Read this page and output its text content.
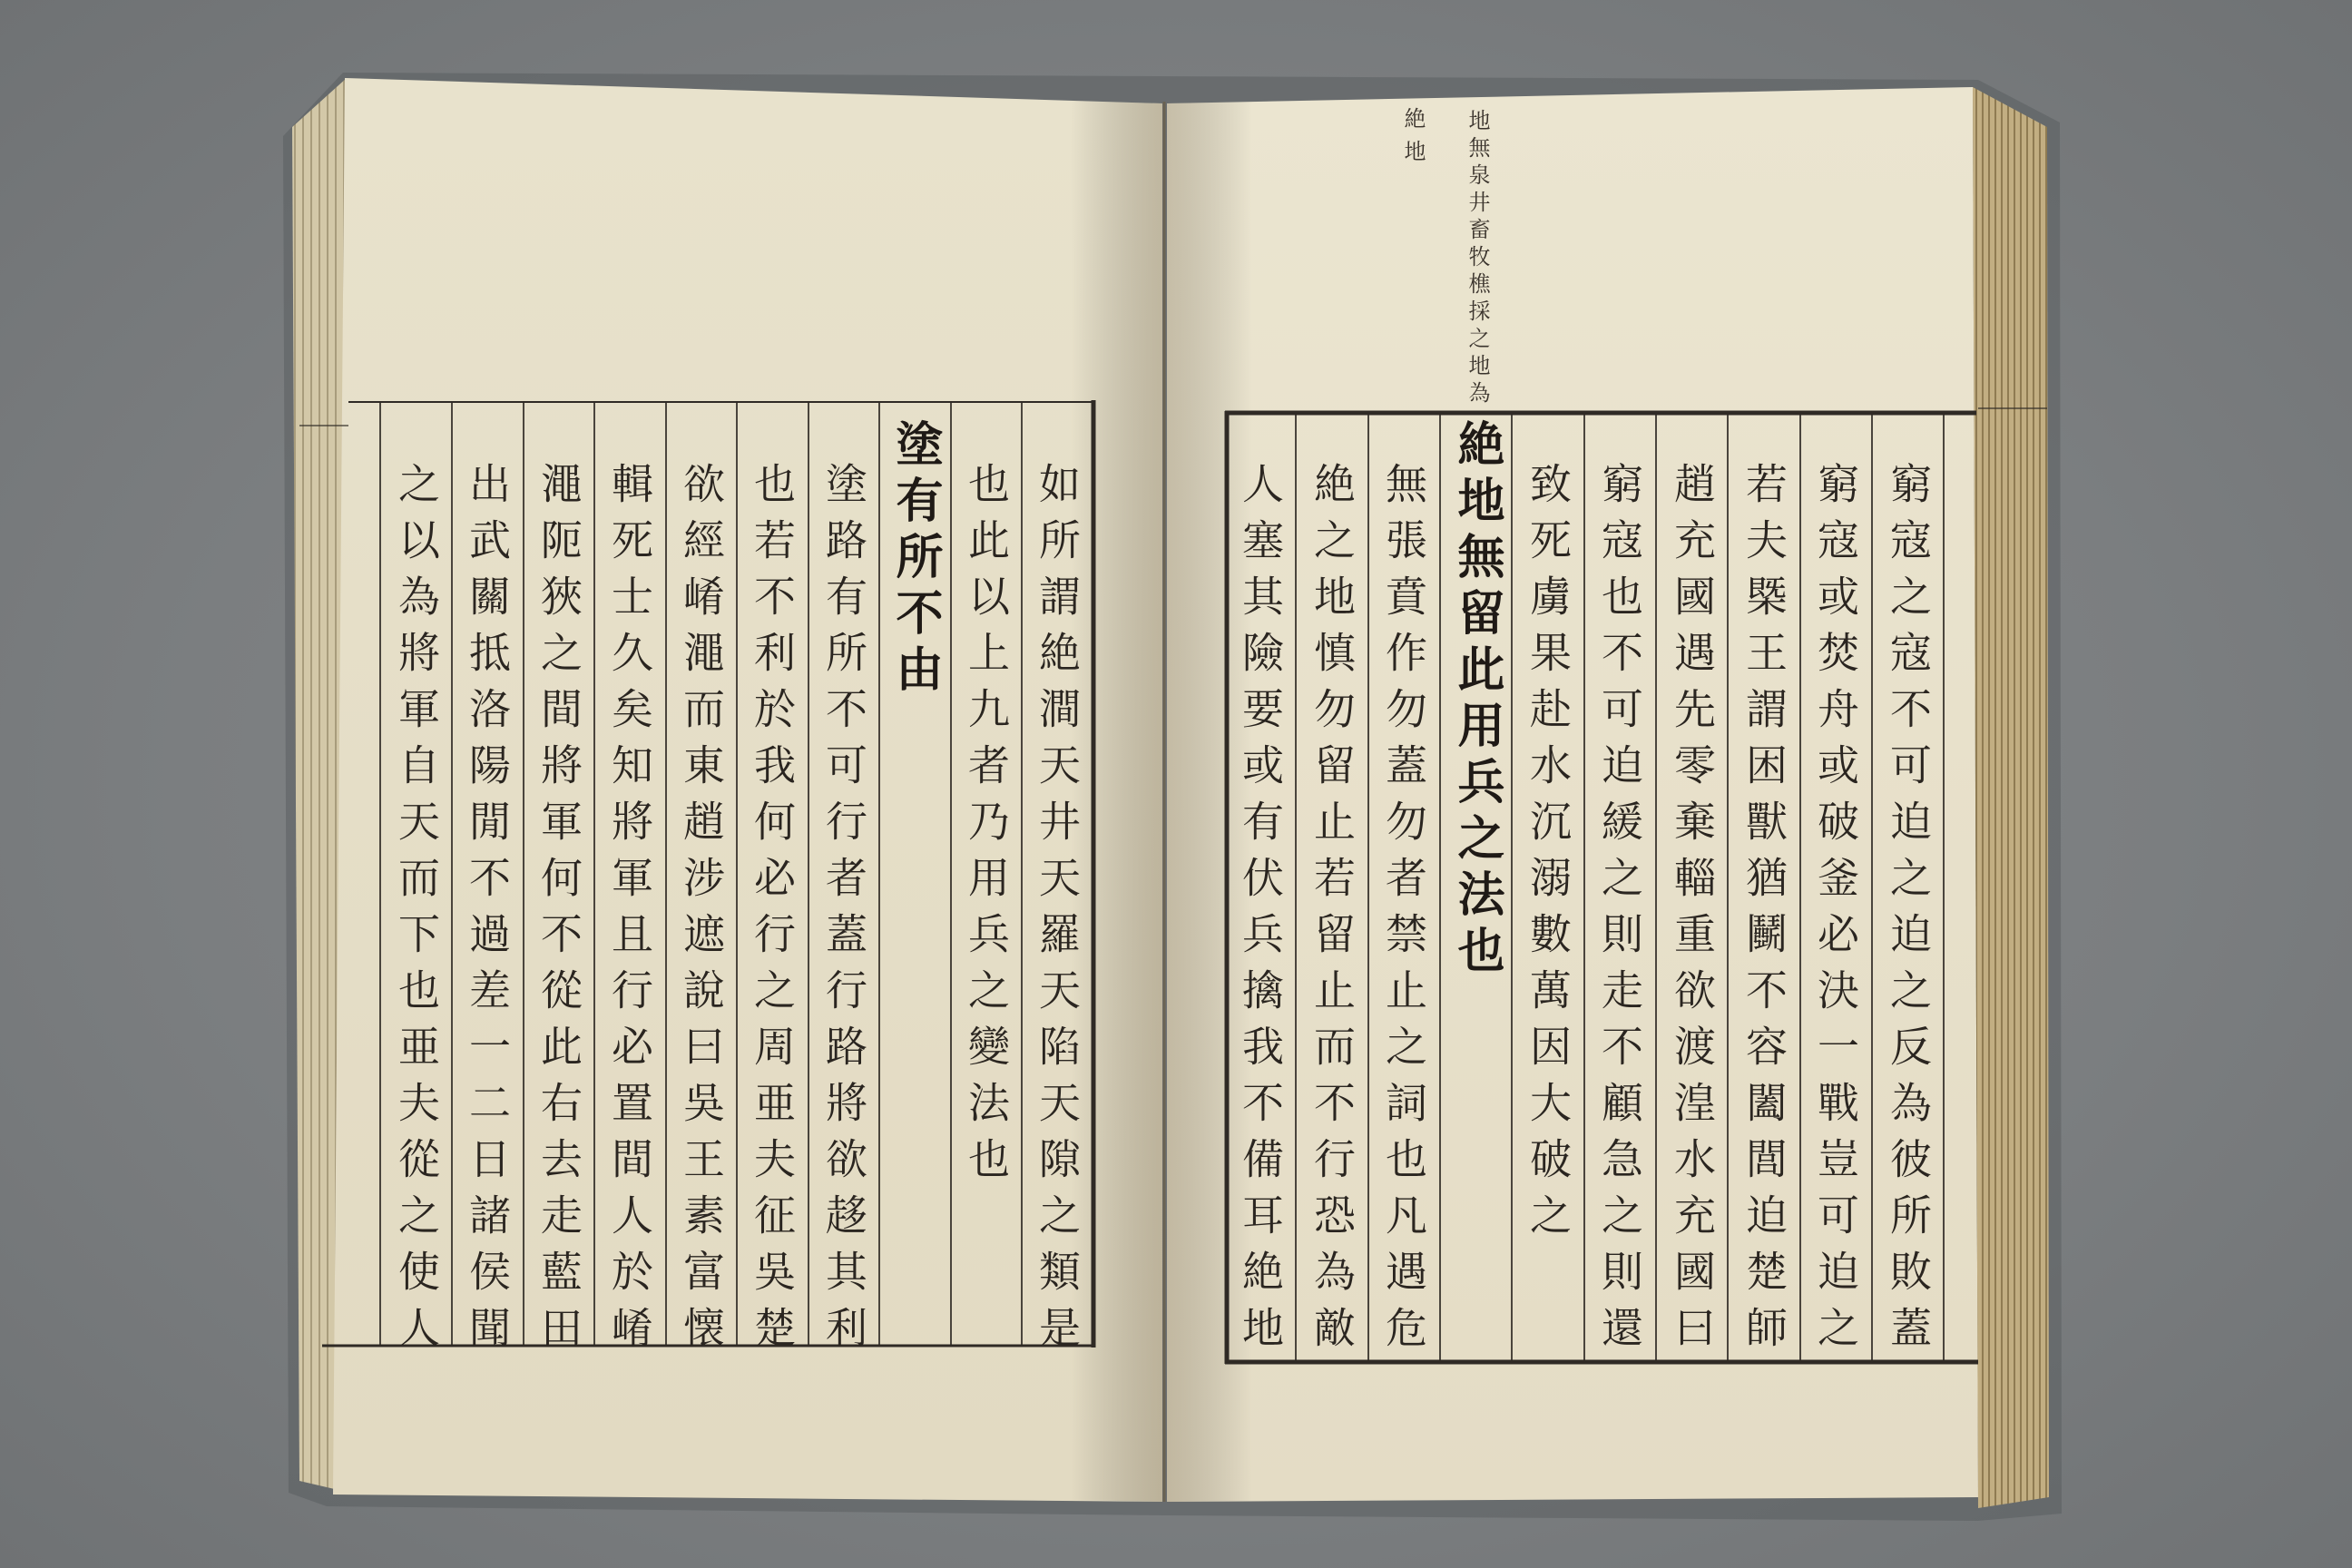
如所謂絶澗天井天羅天陷天隙之類是
也此以上九者乃用兵之變法也
塗有所不由
塗路有所不可行者蓋行路將欲趍其利
也若不利於我何必行之周亜夫征吳楚
欲經崤澠而東趙涉遮說曰吳王素富懐
輯死士久矣知將軍且行必置間人於崤
澠阨狹之間將軍何不從此右去走藍田
出武關抵洛陽閒不過差一二日諸侯聞
之以為將軍自天而下也亜夫從之使人
地無泉井畜牧樵採之地為
絶地
窮寇之寇不可迫之迫之反為彼所敗蓋
窮寇或焚舟或破釜必決一戰豈可迫之
若夫槩王謂困獸猶鬭不容闔閭迫楚師
趙充國遇先零棄輜重欲渡湟水充國曰
窮寇也不可迫緩之則走不顧急之則還
致死虜果赴水沉溺數萬因大破之
絶地無留此用兵之法也
無張賁作勿蓋勿者禁止之詞也凡遇危
絶之地慎勿留止若留止而不行恐為敵
人塞其險要或有伏兵擒我不備耳絶地
